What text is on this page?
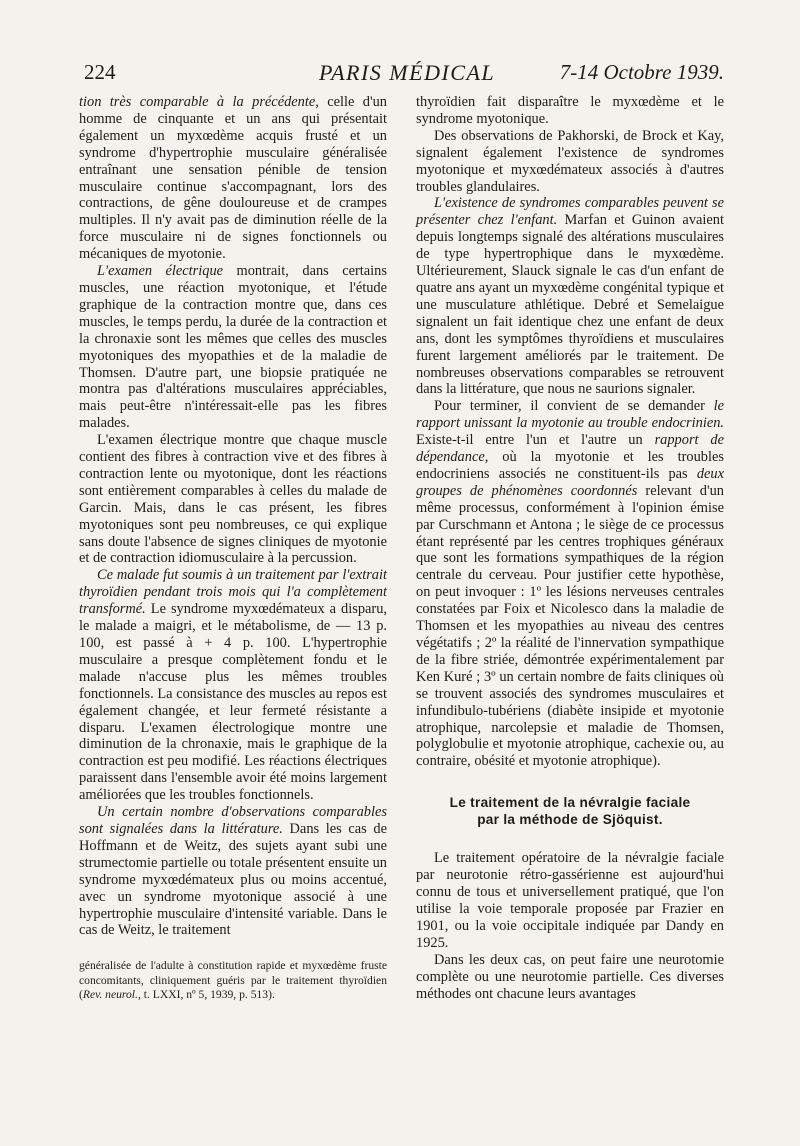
224	PARIS MÉDICAL	7-14 Octobre 1939.

tion très comparable à la précédente, celle d'un homme de cinquante et un ans qui présentait également un myxœdème acquis frusté et un syndrome d'hypertrophie musculaire généralisée entraînant une sensation pénible de tension musculaire continue s'accompagnant, lors des contractions, de gêne douloureuse et de crampes multiples. Il n'y avait pas de diminution réelle de la force musculaire ni de signes fonctionnels ou mécaniques de myotonie.

L'examen électrique montrait, dans certains muscles, une réaction myotonique, et l'étude graphique de la contraction montre que, dans ces muscles, le temps perdu, la durée de la contraction et la chronaxie sont les mêmes que celles des muscles myotoniques des myopathies et de la maladie de Thomsen. D'autre part, une biopsie pratiquée ne montra pas d'altérations musculaires appréciables, mais peut-être n'intéressait-elle pas les fibres malades.

L'examen électrique montre que chaque muscle contient des fibres à contraction vive et des fibres à contraction lente ou myotonique, dont les réactions sont entièrement comparables à celles du malade de Garcin. Mais, dans le cas présent, les fibres myotoniques sont peu nombreuses, ce qui explique sans doute l'absence de signes cliniques de myotonie et de contraction idiomusculaire à la percussion.

Ce malade fut soumis à un traitement par l'extrait thyroïdien pendant trois mois qui l'a complètement transformé. Le syndrome myxœdémateux a disparu, le malade a maigri, et le métabolisme, de — 13 p. 100, est passé à + 4 p. 100. L'hypertrophie musculaire a presque complètement fondu et le malade n'accuse plus les mêmes troubles fonctionnels. La consistance des muscles au repos est également changée, et leur fermeté résistante a disparu. L'examen électrologique montre une diminution de la chronaxie, mais le graphique de la contraction est peu modifié. Les réactions électriques paraissent dans l'ensemble avoir été moins largement améliorées que les troubles fonctionnels.

Un certain nombre d'observations comparables sont signalées dans la littérature. Dans les cas de Hoffmann et de Weitz, des sujets ayant subi une strumectomie partielle ou totale présentent ensuite un syndrome myxœdémateux plus ou moins accentué, avec un syndrome myotonique associé à une hypertrophie musculaire d'intensité variable. Dans le cas de Weitz, le traitement

généralisée de l'adulte à constitution rapide et myxœdème fruste concomitants, cliniquement guéris par le traitement thyroïdien (Rev. neurol., t. LXXI, nº 5, 1939, p. 513).

thyroïdien fait disparaître le myxœdème et le syndrome myotonique.

Des observations de Pakhorski, de Brock et Kay, signalent également l'existence de syndromes myotonique et myxœdémateux associés à d'autres troubles glandulaires.

L'existence de syndromes comparables peuvent se présenter chez l'enfant. Marfan et Guinon avaient depuis longtemps signalé des altérations musculaires de type hypertrophique dans le myxœdème. Ultérieurement, Slauck signale le cas d'un enfant de quatre ans ayant un myxœdème congénital typique et une musculature athlétique. Debré et Semelaigue signalent un fait identique chez une enfant de deux ans, dont les symptômes thyroïdiens et musculaires furent largement améliorés par le traitement. De nombreuses observations comparables se retrouvent dans la littérature, que nous ne saurions signaler.

Pour terminer, il convient de se demander le rapport unissant la myotonie au trouble endocrinien. Existe-t-il entre l'un et l'autre un rapport de dépendance, où la myotonie et les troubles endocriniens associés ne constituent-ils pas deux groupes de phénomènes coordonnés relevant d'un même processus, conformément à l'opinion émise par Curschmann et Antona ; le siège de ce processus étant représenté par les centres trophiques généraux que sont les formations sympathiques de la région centrale du cerveau. Pour justifier cette hypothèse, on peut invoquer : 1º les lésions nerveuses centrales constatées par Foix et Nicolesco dans la maladie de Thomsen et les myopathies au niveau des centres végétatifs ; 2º la réalité de l'innervation sympathique de la fibre striée, démontrée expérimentalement par Ken Kuré ; 3º un certain nombre de faits cliniques où se trouvent associés des syndromes musculaires et infundibulo-tubériens (diabète insipide et myotonie atrophique, narcolepsie et maladie de Thomsen, polyglobulie et myotonie atrophique, cachexie ou, au contraire, obésité et myotonie atrophique).

Le traitement de la névralgie faciale
par la méthode de Sjöquist.

Le traitement opératoire de la névralgie faciale par neurotonie rétro-gassérienne est aujourd'hui connu de tous et universellement pratiqué, que l'on utilise la voie temporale proposée par Frazier en 1901, ou la voie occipitale indiquée par Dandy en 1925.

Dans les deux cas, on peut faire une neurotomie complète ou une neurotomie partielle. Ces diverses méthodes ont chacune leurs avantages
